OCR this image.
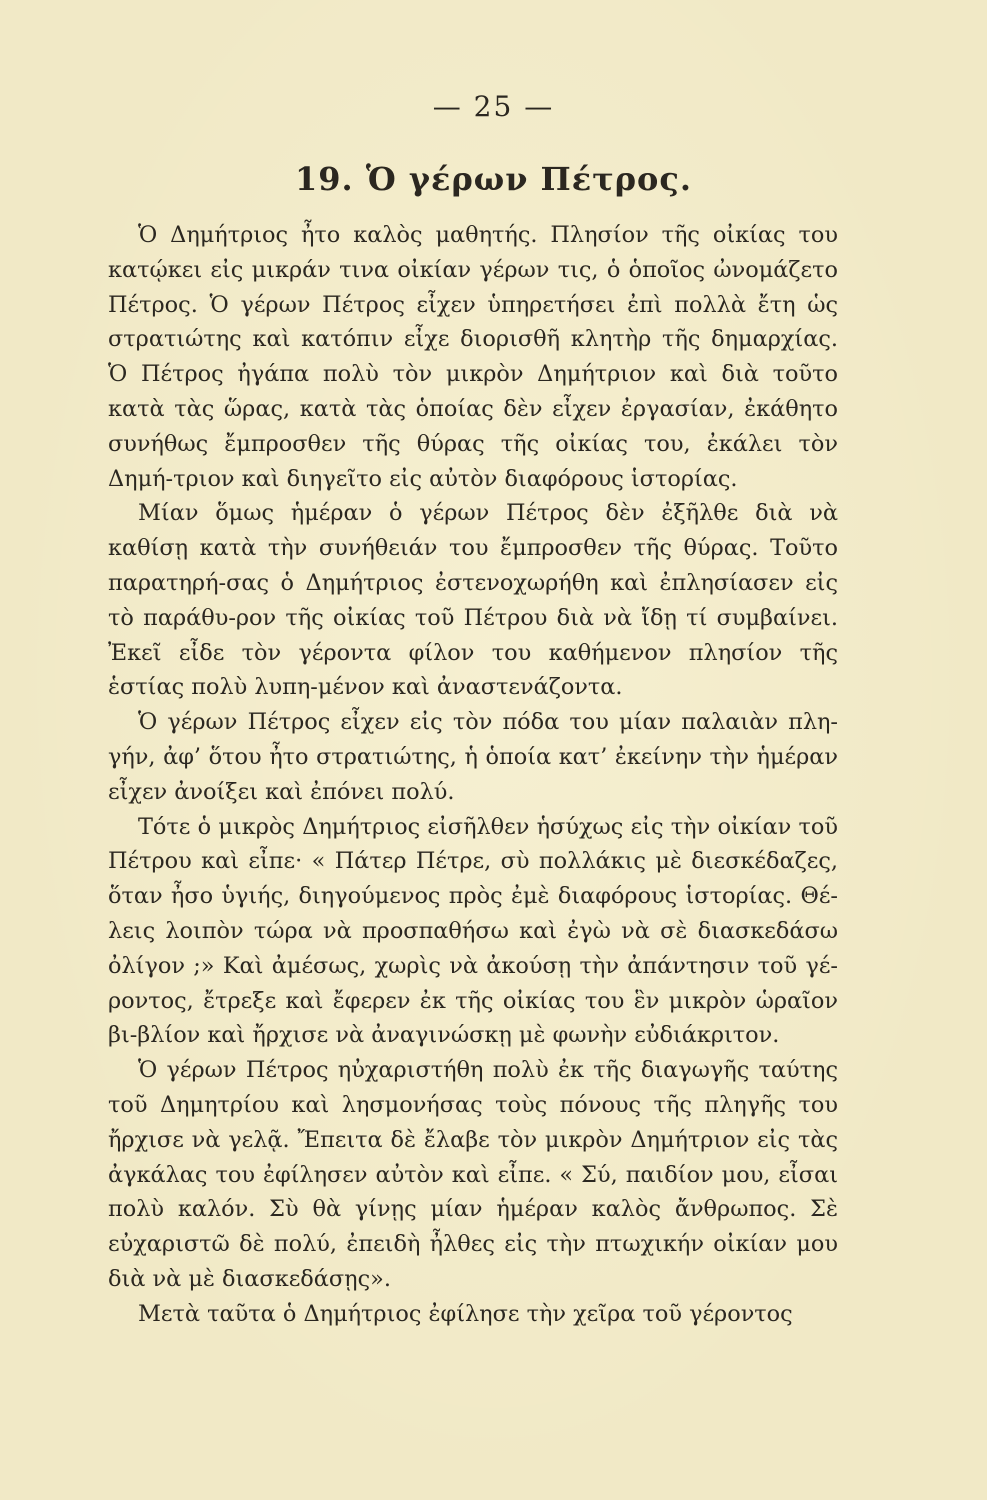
— 25 —
19. Ὁ γέρων Πέτρος.

Ὁ Δημήτριος ἦτο καλὸς μαθητής. Πλησίον τῆς οἰκίας του κατῴκει εἰς μικράν τινα οἰκίαν γέρων τις, ὁ ὁποῖος ὠνομάζετο Πέτρος. Ὁ γέρων Πέτρος εἶχεν ὑπηρετήσει ἐπὶ πολλὰ ἔτη ὡς στρατιώτης καὶ κατόπιν εἶχε διορισθῆ κλητὴρ τῆς δημαρχίας. Ὁ Πέτρος ἠγάπα πολὺ τὸν μικρὸν Δημήτριον καὶ διὰ τοῦτο κατὰ τὰς ὥρας, κατὰ τὰς ὁποίας δὲν εἶχεν ἐργασίαν, ἐκάθητο συνήθως ἔμπροσθεν τῆς θύρας τῆς οἰκίας του, ἐκάλει τὸν Δημή-τριον καὶ διηγεῖτο εἰς αὐτὸν διαφόρους ἱστορίας.

Μίαν ὅμως ἡμέραν ὁ γέρων Πέτρος δὲν ἐξῆλθε διὰ νὰ καθίσῃ κατὰ τὴν συνήθειάν του ἔμπροσθεν τῆς θύρας. Τοῦτο παρατηρή-σας ὁ Δημήτριος ἐστενοχωρήθη καὶ ἐπλησίασεν εἰς τὸ παράθυ-ρον τῆς οἰκίας τοῦ Πέτρου διὰ νὰ ἴδῃ τί συμβαίνει. Ἐκεῖ εἶδε τὸν γέροντα φίλον του καθήμενον πλησίον τῆς ἑστίας πολὺ λυπη-μένον καὶ ἀναστενάζοντα.

Ὁ γέρων Πέτρος εἶχεν εἰς τὸν πόδα του μίαν παλαιὰν πλη-γήν, ἀφ’ ὅτου ἦτο στρατιώτης, ἡ ὁποία κατ’ ἐκείνην τὴν ἡμέραν εἶχεν ἀνοίξει καὶ ἐπόνει πολύ.

Τότε ὁ μικρὸς Δημήτριος εἰσῆλθεν ἡσύχως εἰς τὴν οἰκίαν τοῦ Πέτρου καὶ εἶπε· « Πάτερ Πέτρε, σὺ πολλάκις μὲ διεσκέδαζες, ὅταν ἦσο ὑγιής, διηγούμενος πρὸς ἐμὲ διαφόρους ἱστορίας. Θέ-λεις λοιπὸν τώρα νὰ προσπαθήσω καὶ ἐγὼ νὰ σὲ διασκεδάσω ὀλίγον ;» Καὶ ἀμέσως, χωρὶς νὰ ἀκούσῃ τὴν ἀπάντησιν τοῦ γέ-ροντος, ἔτρεξε καὶ ἔφερεν ἐκ τῆς οἰκίας του ἓν μικρὸν ὡραῖον βι-βλίον καὶ ἤρχισε νὰ ἀναγινώσκῃ μὲ φωνὴν εὐδιάκριτον.

Ὁ γέρων Πέτρος ηὐχαριστήθη πολὺ ἐκ τῆς διαγωγῆς ταύτης τοῦ Δημητρίου καὶ λησμονήσας τοὺς πόνους τῆς πληγῆς του ἤρχισε νὰ γελᾷ. Ἔπειτα δὲ ἔλαβε τὸν μικρὸν Δημήτριον εἰς τὰς ἀγκάλας του ἐφίλησεν αὐτὸν καὶ εἶπε. « Σύ, παιδίον μου, εἶσαι πολὺ καλόν. Σὺ θὰ γίνῃς μίαν ἡμέραν καλὸς ἄνθρωπος. Σὲ εὐχαριστῶ δὲ πολύ, ἐπειδὴ ἦλθες εἰς τὴν πτωχικήν οἰκίαν μου διὰ νὰ μὲ διασκεδάσῃς».

Μετὰ ταῦτα ὁ Δημήτριος ἐφίλησε τὴν χεῖρα τοῦ γέροντος
